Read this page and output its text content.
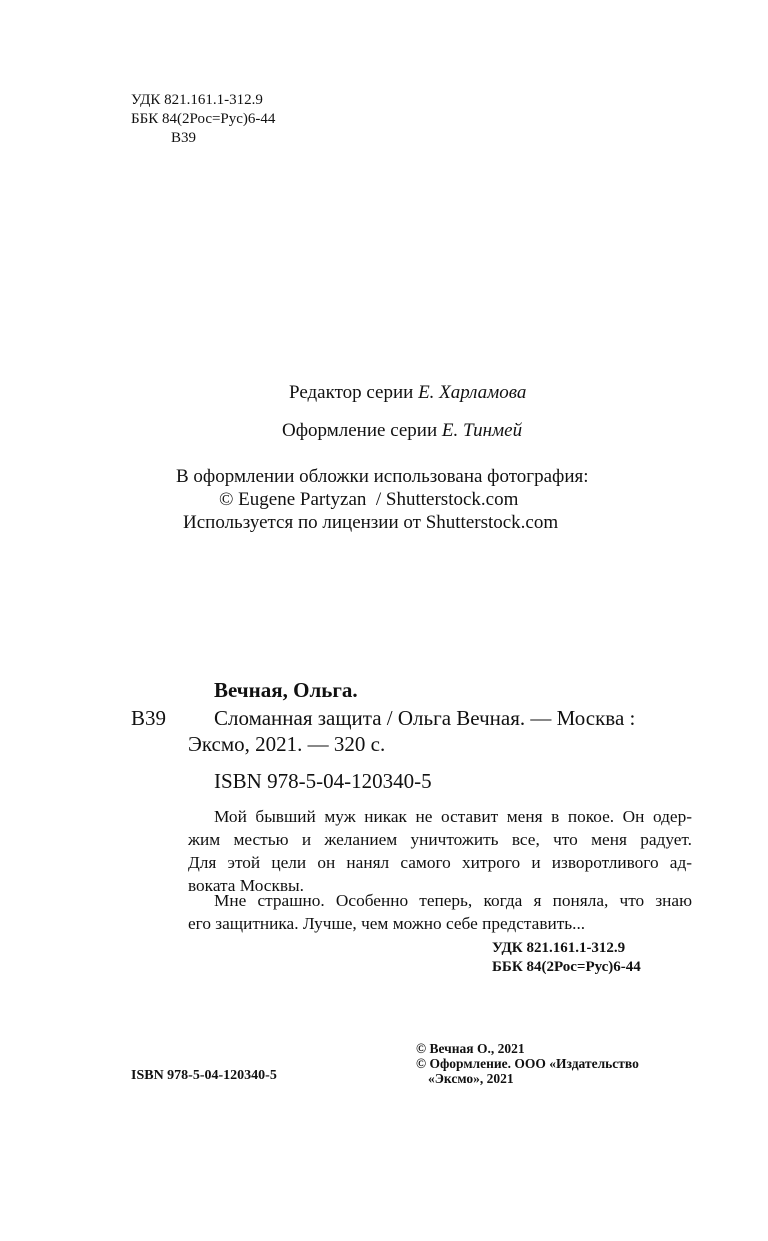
УДК 821.161.1-312.9
ББК 84(2Рос=Рус)6-44
В39
Редактор серии Е. Харламова
Оформление серии Е. Тинмей
В оформлении обложки использована фотография:
© Eugene Partyzan  / Shutterstock.com
Используется по лицензии от Shutterstock.com
Вечная, Ольга.
В39 Сломанная защита / Ольга Вечная. — Москва :
Эксмо, 2021. — 320 с.
ISBN 978-5-04-120340-5
Мой бывший муж никак не оставит меня в покое. Он одер-
жим местью и желанием уничтожить все, что меня радует.
Для этой цели он нанял самого хитрого и изворотливого ад-
воката Москвы.
Мне страшно. Особенно теперь, когда я поняла, что знаю
его защитника. Лучше, чем можно себе представить...
УДК 821.161.1-312.9
ББК 84(2Рос=Рус)6-44
ISBN 978-5-04-120340-5
© Вечная О., 2021
© Оформление. ООО «Издательство
«Эксмо», 2021
